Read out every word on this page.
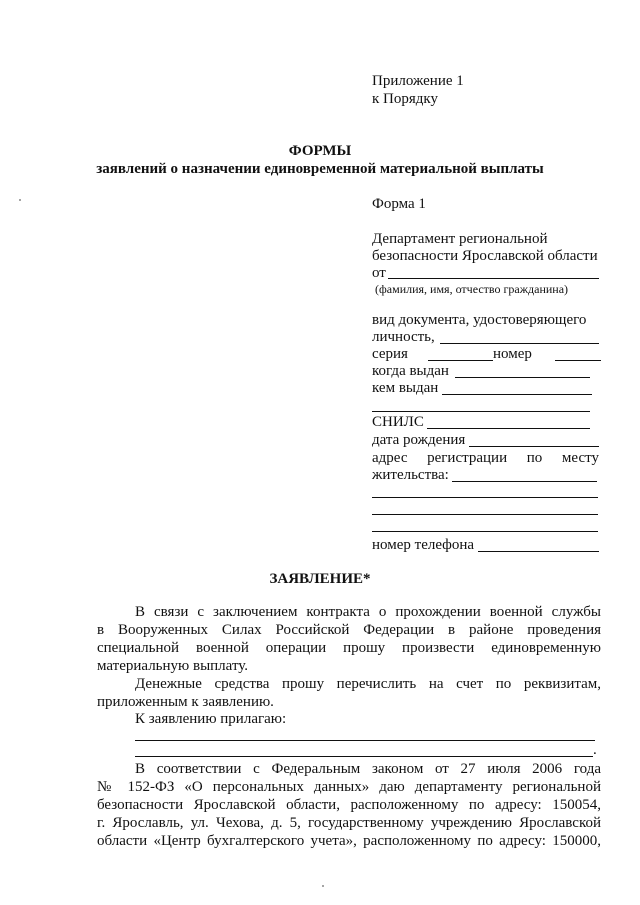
Приложение 1
к Порядку
ФОРМЫ
заявлений о назначении единовременной материальной выплаты
Форма 1
Департамент региональной
безопасности Ярославской области
от
(фамилия, имя, отчество гражданина)
вид документа, удостоверяющего
личность,
серия	номер
когда выдан
кем выдан
СНИЛС
дата рождения
адрес регистрации по месту
жительства:
номер телефона
ЗАЯВЛЕНИЕ*
В связи с заключением контракта о прохождении военной службы
в Вооруженных Силах Российской Федерации в районе проведения
специальной военной операции прошу произвести единовременную
материальную выплату.
Денежные средства прошу перечислить на счет по реквизитам,
приложенным к заявлению.
К заявлению прилагаю:
.
В соответствии с Федеральным законом от 27 июля 2006 года
№ 152-ФЗ «О персональных данных» даю департаменту региональной
безопасности Ярославской области, расположенному по адресу: 150054,
г. Ярославль, ул. Чехова, д. 5, государственному учреждению Ярославской
области «Центр бухгалтерского учета», расположенному по адресу: 150000,
